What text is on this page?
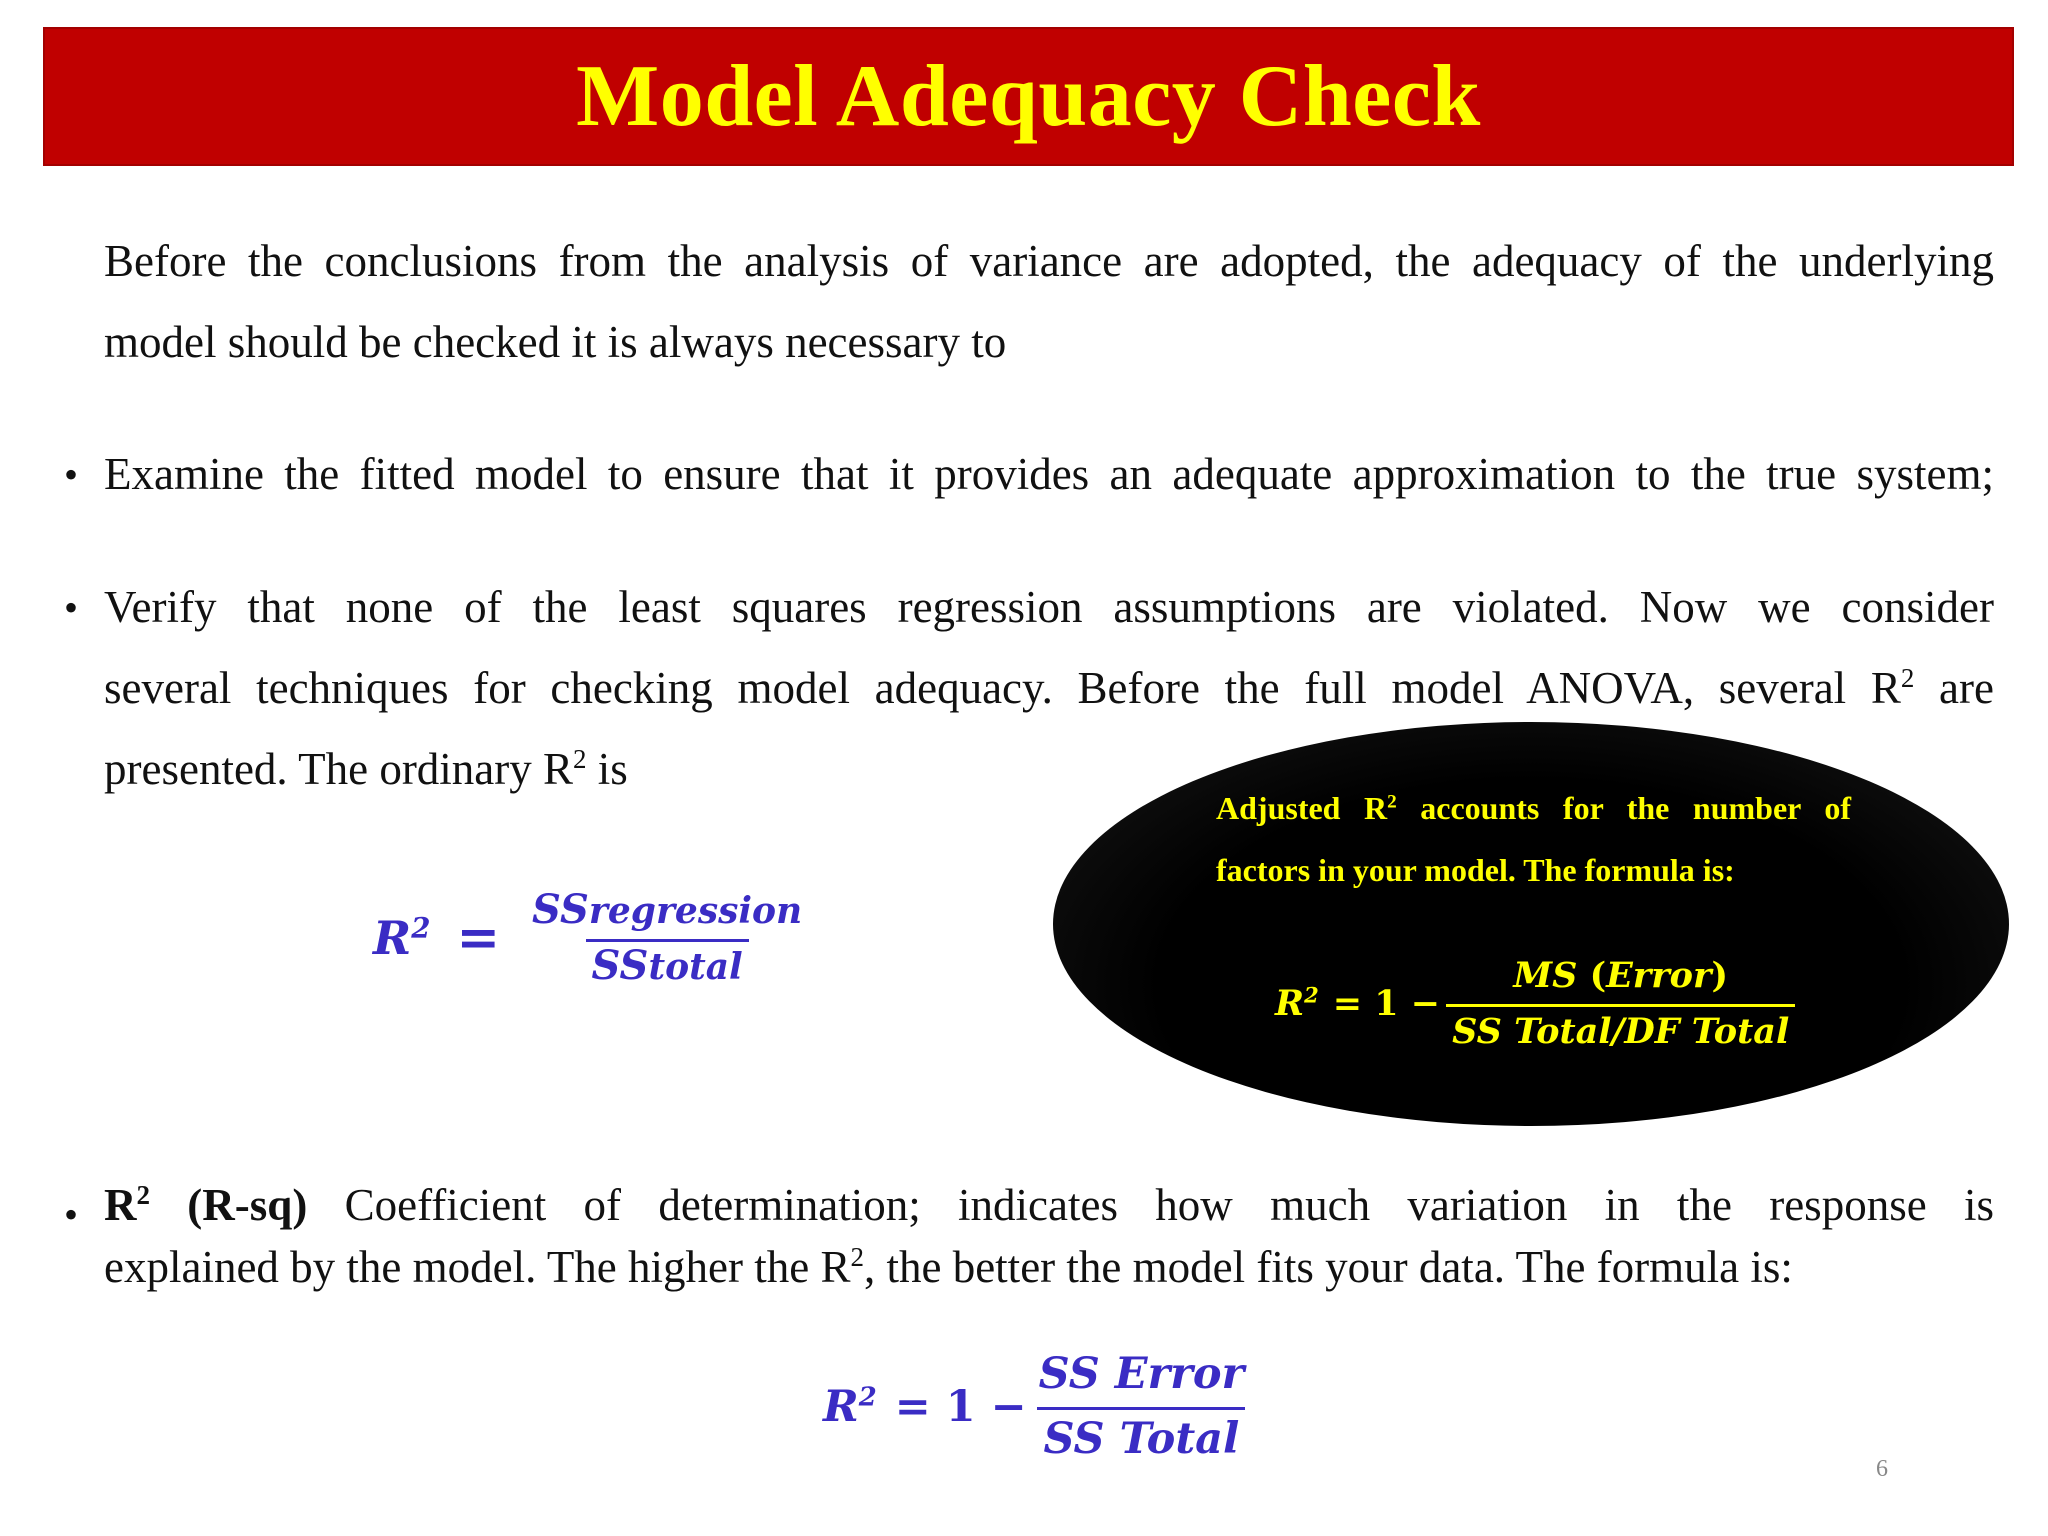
Model Adequacy Check
Before the conclusions from the analysis of variance are adopted, the adequacy of the underlying
model should be checked it is always necessary to
• Examine the fitted model to ensure that it provides an adequate approximation to the true system;
• Verify that none of the least squares regression assumptions are violated. Now we consider
several techniques for checking model adequacy. Before the full model ANOVA, several $R^2$ are
presented. The ordinary $R^2$ is
$R^2 = \frac{\text{SSregression}}{\text{SStotal}}$
Adjusted $R^2$ accounts for the number of
factors in your model. The formula is:
$R^2 = 1 - \frac{\text{MS (Error)}}{\text{SS Total/DF Total}}$
• $R^2$ (R-sq) Coefficient of determination; indicates how much variation in the response is
explained by the model. The higher the $R^2$, the better the model fits your data. The formula is:
$R^2 = 1 - \frac{\text{SS Error}}{\text{SS Total}}$
6
